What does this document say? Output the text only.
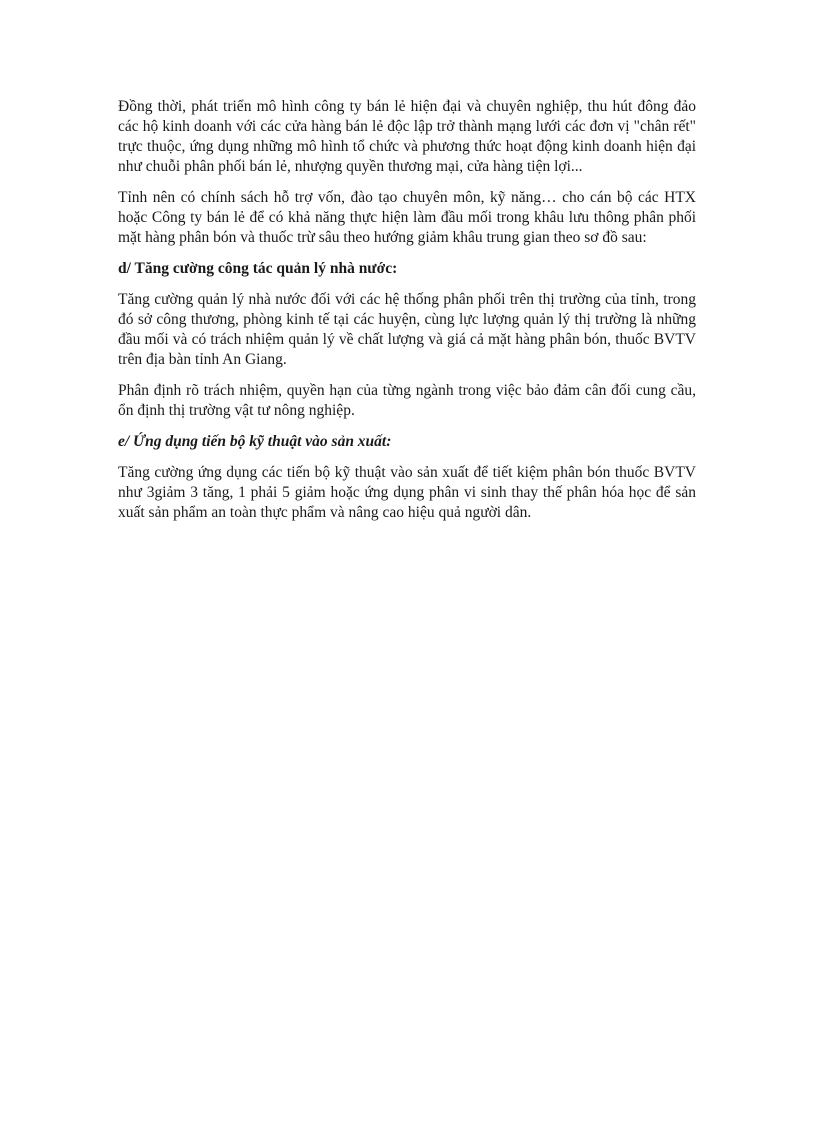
Đồng thời, phát triển mô hình công ty bán lẻ hiện đại và chuyên nghiệp, thu hút đông đảo các hộ kinh doanh với các cửa hàng bán lẻ độc lập trở thành mạng lưới các đơn vị "chân rết" trực thuộc, ứng dụng những mô hình tổ chức và phương thức hoạt động kinh doanh hiện đại như chuỗi phân phối bán lẻ, nhượng quyền thương mại, cửa hàng tiện lợi...

Tỉnh nên có chính sách hỗ trợ vốn, đào tạo chuyên môn, kỹ năng… cho cán bộ các HTX hoặc Công ty bán lẻ để có khả năng thực hiện làm đầu mối trong khâu lưu thông phân phối mặt hàng phân bón và thuốc trừ sâu theo hướng giảm khâu trung gian theo sơ đồ sau:

d/ Tăng cường công tác quản lý nhà nước:

Tăng cường quản lý nhà nước đối với các hệ thống phân phối trên thị trường của tỉnh, trong đó sở công thương, phòng kinh tế tại các huyện, cùng lực lượng quản lý thị trường là những đầu mối và có trách nhiệm quản lý về chất lượng và giá cả mặt hàng phân bón, thuốc BVTV trên địa bàn tỉnh An Giang.

Phân định rõ trách nhiệm, quyền hạn của từng ngành trong việc bảo đảm cân đối cung cầu, ổn định thị trường vật tư nông nghiệp.

e/ Ứng dụng tiến bộ kỹ thuật vào sản xuất:

Tăng cường ứng dụng các tiến bộ kỹ thuật vào sản xuất để tiết kiệm phân bón thuốc BVTV như 3giảm 3 tăng, 1 phải 5 giảm hoặc ứng dụng phân vi sinh thay thế phân hóa học để sản xuất sản phẩm an toàn thực phẩm và nâng cao hiệu quả người dân.
